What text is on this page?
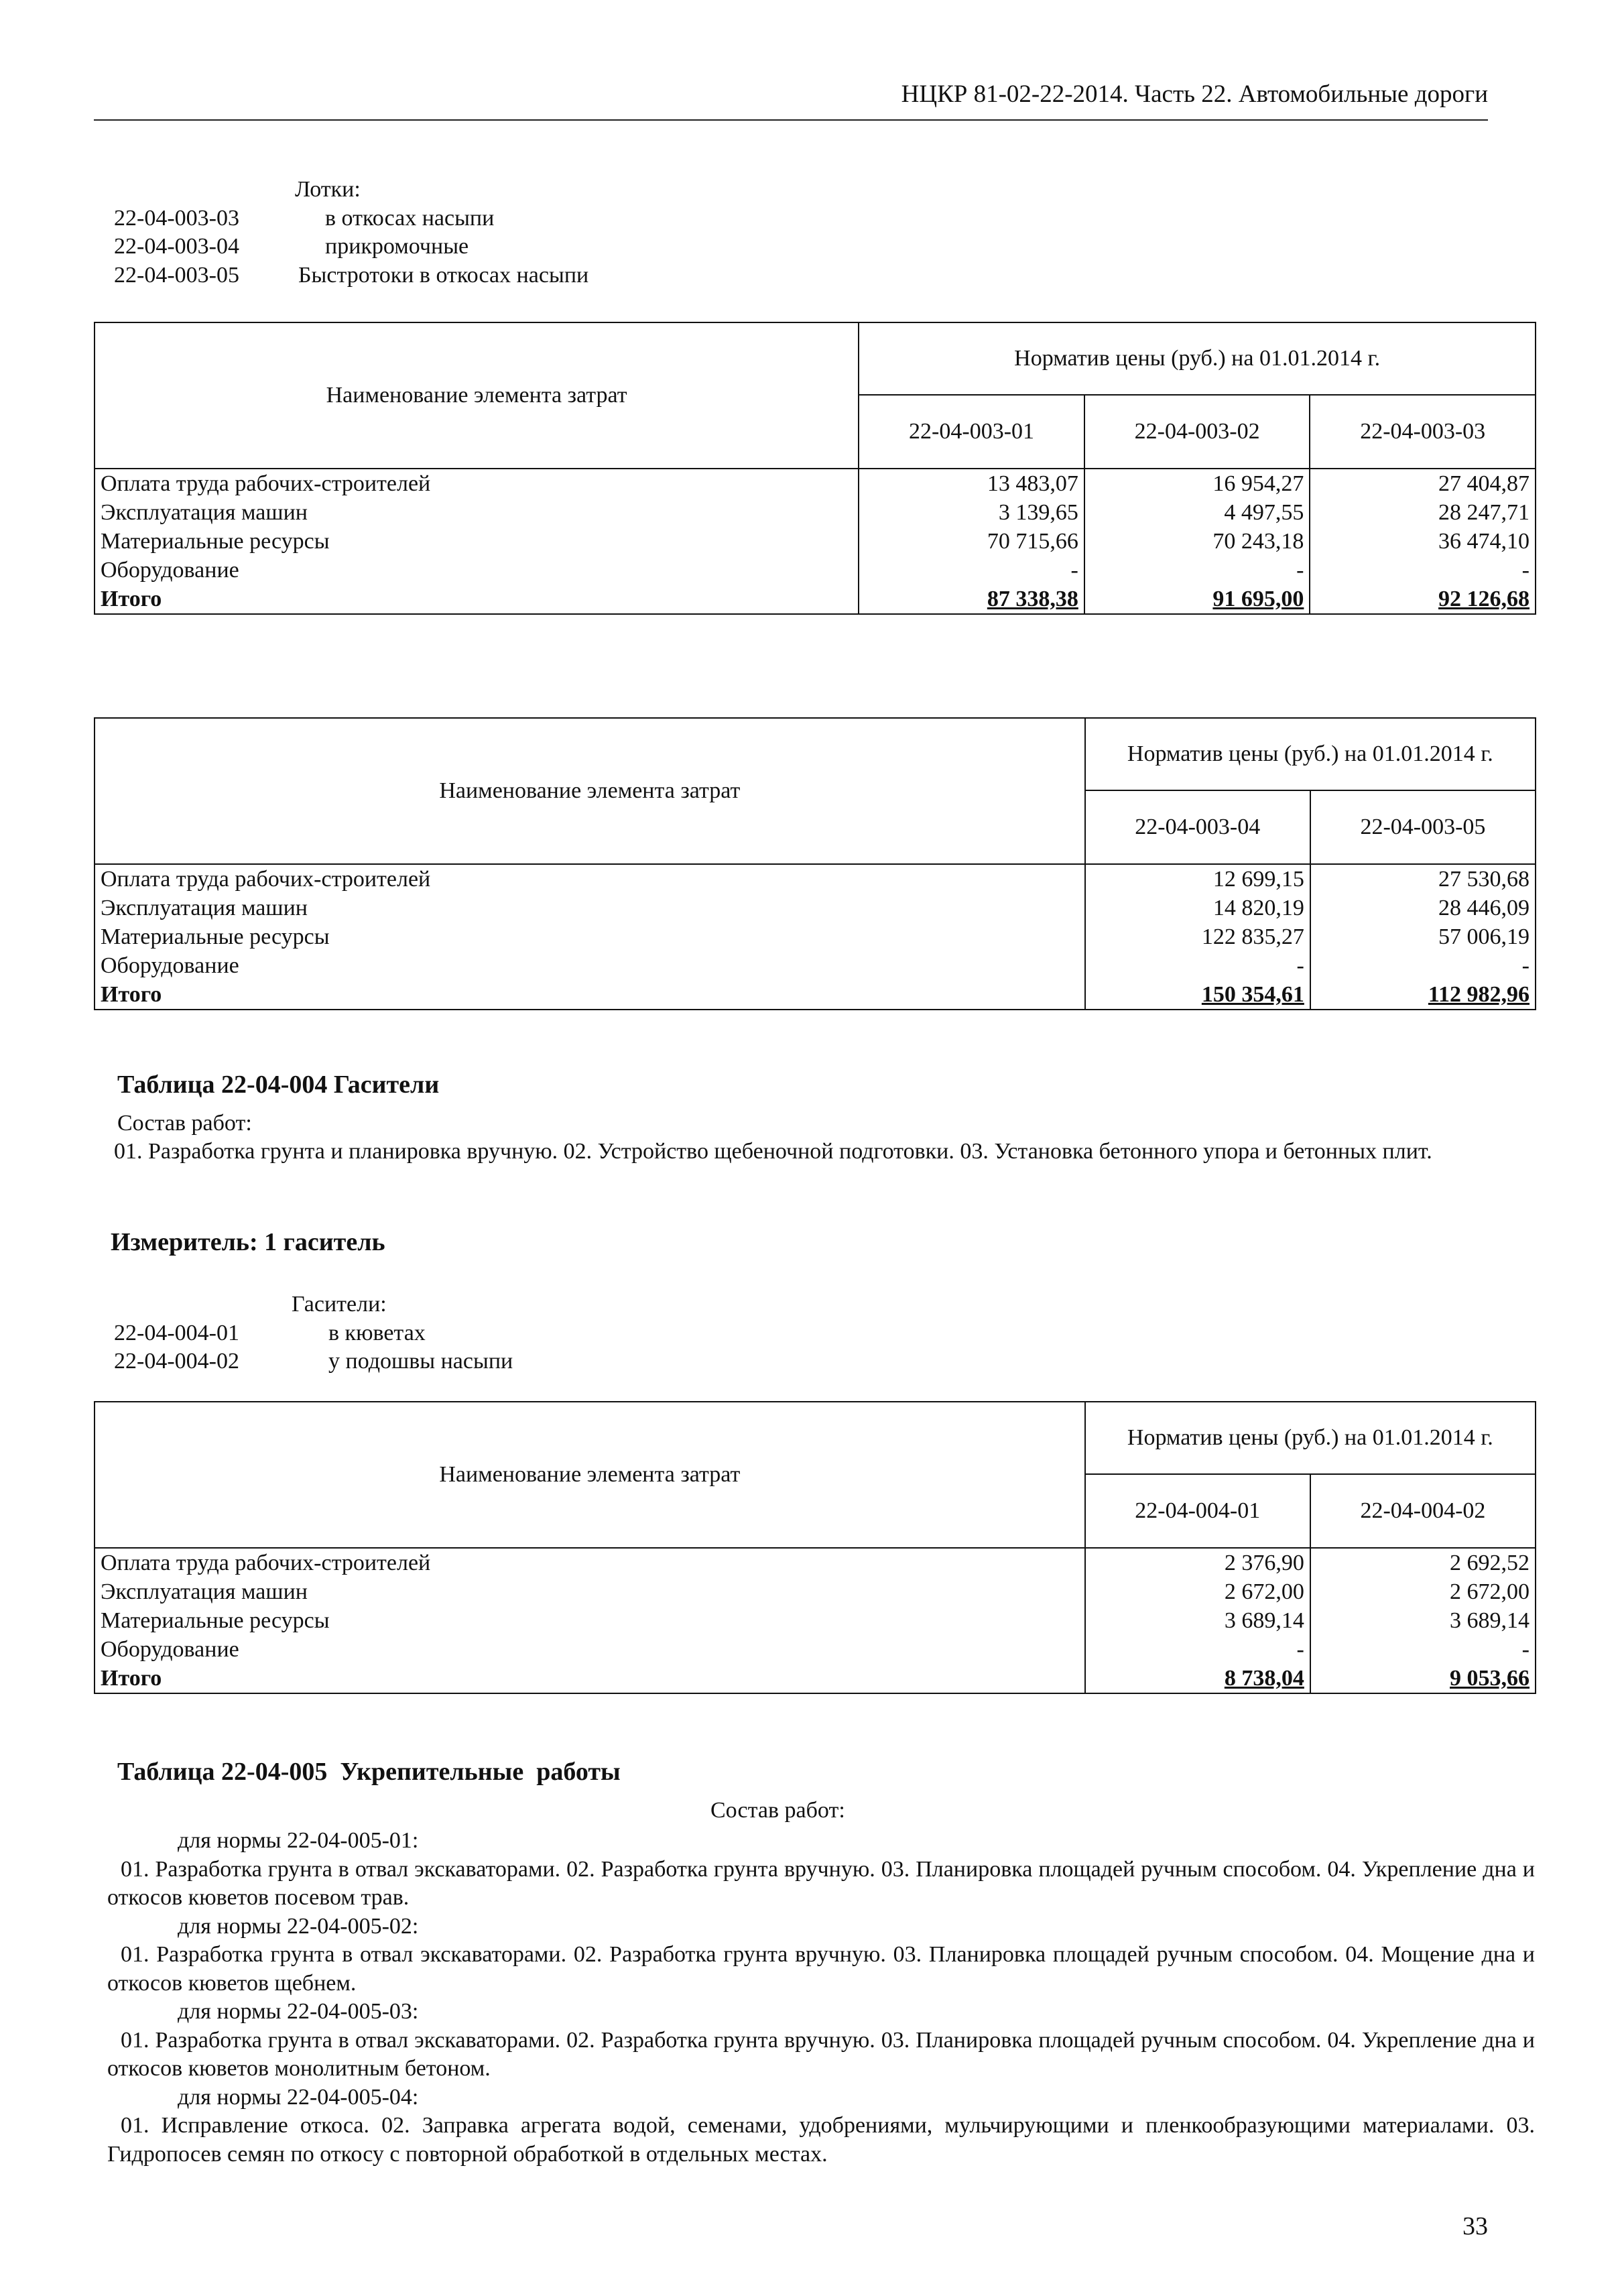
НЦКР 81-02-22-2014. Часть 22. Автомобильные дороги
Лотки:
22-04-003-03	в откосах насыпи
22-04-003-04	прикромочные
22-04-003-05	Быстротоки в откосах насыпи
Наименование элемента затрат	Норматив цены (руб.) на 01.01.2014 г.		
	22-04-003-01	22-04-003-02	22-04-003-03
Оплата труда рабочих-строителей	13 483,07	16 954,27	27 404,87
Эксплуатация машин	3 139,65	4 497,55	28 247,71
Материальные ресурсы	70 715,66	70 243,18	36 474,10
Оборудование	-	-	-
Итого	87 338,38	91 695,00	92 126,68
Наименование элемента затрат	Норматив цены (руб.) на 01.01.2014 г.	
	22-04-003-04	22-04-003-05
Оплата труда рабочих-строителей	12 699,15	27 530,68
Эксплуатация машин	14 820,19	28 446,09
Материальные ресурсы	122 835,27	57 006,19
Оборудование	-	-
Итого	150 354,61	112 982,96
Таблица 22-04-004 Гасители
Состав работ:
01. Разработка грунта и планировка вручную. 02. Устройство щебеночной подготовки. 03. Установка бетонного упора и бетонных плит.
Измеритель: 1 гаситель
Гасители:
22-04-004-01	в кюветах
22-04-004-02	у подошвы насыпи
Наименование элемента затрат	Норматив цены (руб.) на 01.01.2014 г.	
	22-04-004-01	22-04-004-02
Оплата труда рабочих-строителей	2 376,90	2 692,52
Эксплуатация машин	2 672,00	2 672,00
Материальные ресурсы	3 689,14	3 689,14
Оборудование	-	-
Итого	8 738,04	9 053,66
Таблица 22-04-005  Укрепительные  работы
Состав работ:
для нормы 22-04-005-01:
01. Разработка грунта в отвал экскаваторами. 02. Разработка грунта вручную. 03. Планировка площадей ручным способом. 04. Укрепление дна и откосов кюветов посевом трав.
для нормы 22-04-005-02:
01. Разработка грунта в отвал экскаваторами. 02. Разработка грунта вручную. 03. Планировка площадей ручным способом. 04. Мощение дна и откосов кюветов щебнем.
для нормы 22-04-005-03:
01. Разработка грунта в отвал экскаваторами. 02. Разработка грунта вручную. 03. Планировка площадей ручным способом. 04. Укрепление дна и откосов кюветов монолитным бетоном.
для нормы 22-04-005-04:
01. Исправление откоса. 02. Заправка агрегата водой, семенами, удобрениями, мульчирующими и пленкообразующими материалами. 03. Гидропосев семян по откосу с повторной обработкой в отдельных местах.
33
